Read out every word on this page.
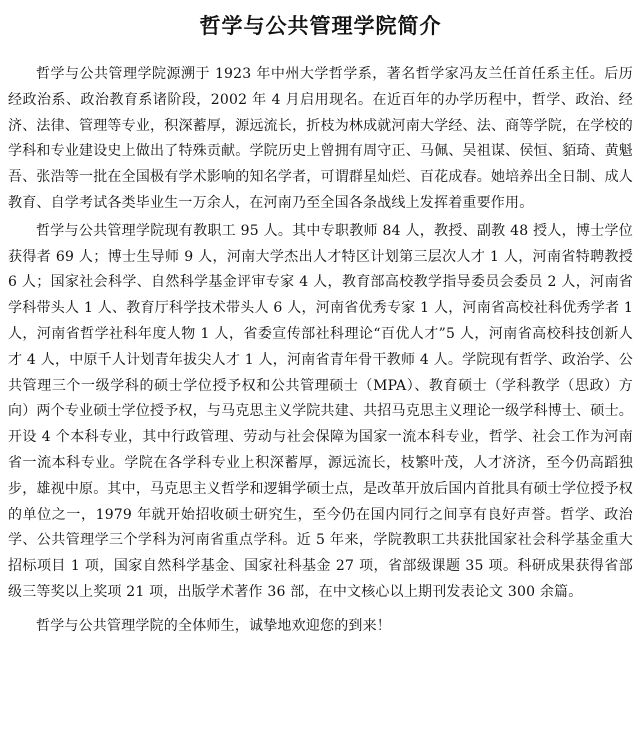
哲学与公共管理学院简介

哲学与公共管理学院源溯于 1923 年中州大学哲学系，著名哲学家冯友兰任首任系主任。后历经政治系、政治教育系诸阶段，2002 年 4 月启用现名。在近百年的办学历程中，哲学、政治、经济、法律、管理等专业，积深蓄厚，源远流长，折枝为林成就河南大学经、法、商等学院，在学校的学科和专业建设史上做出了特殊贡献。学院历史上曾拥有周守正、马佩、吴祖谋、侯恒、貊琦、黄魁吾、张浩等一批在全国极有学术影响的知名学者，可谓群星灿烂、百花成春。她培养出全日制、成人教育、自学考试各类毕业生一万余人，在河南乃至全国各条战线上发挥着重要作用。

哲学与公共管理学院现有教职工 95 人。其中专职教师 84 人，教授、副教 48 授人，博士学位获得者 69 人；博士生导师 9 人，河南大学杰出人才特区计划第三层次人才 1 人，河南省特聘教授 6 人；国家社会科学、自然科学基金评审专家 4 人，教育部高校教学指导委员会委员 2 人，河南省学科带头人 1 人、教育厅科学技术带头人 6 人，河南省优秀专家 1 人，河南省高校社科优秀学者 1 人，河南省哲学社科年度人物 1 人，省委宣传部社科理论“百优人才”5 人，河南省高校科技创新人才 4 人，中原千人计划青年拔尖人才 1 人，河南省青年骨干教师 4 人。学院现有哲学、政治学、公共管理三个一级学科的硕士学位授予权和公共管理硕士（MPA）、教育硕士（学科教学（思政）方向）两个专业硕士学位授予权，与马克思主义学院共建、共招马克思主义理论一级学科博士、硕士。开设 4 个本科专业，其中行政管理、劳动与社会保障为国家一流本科专业，哲学、社会工作为河南省一流本科专业。学院在各学科专业上积深蓄厚，源远流长，枝繁叶茂，人才济济，至今仍高蹈独步，雄视中原。其中，马克思主义哲学和逻辑学硕士点，是改革开放后国内首批具有硕士学位授予权的单位之一，1979 年就开始招收硕士研究生，至今仍在国内同行之间享有良好声誉。哲学、政治学、公共管理学三个学科为河南省重点学科。近 5 年来，学院教职工共获批国家社会科学基金重大招标项目 1 项，国家自然科学基金、国家社科基金 27 项，省部级课题 35 项。科研成果获得省部级三等奖以上奖项 21 项，出版学术著作 36 部，在中文核心以上期刊发表论文 300 余篇。

哲学与公共管理学院的全体师生，诚挚地欢迎您的到来！
